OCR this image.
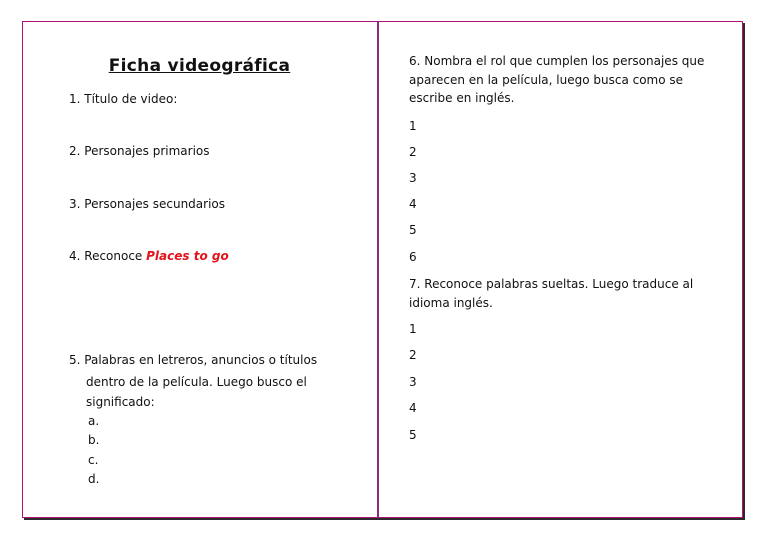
Ficha videográfica
1. Título de video:
2. Personajes primarios
3. Personajes secundarios
4. Reconoce Places to go
5. Palabras en letreros, anuncios o títulos
dentro de la película. Luego busco el
significado:
a.
b.
c.
d.
6. Nombra el rol que cumplen los personajes que aparecen en la película, luego busca como se escribe en inglés.
1
2
3
4
5
6
7. Reconoce palabras sueltas. Luego traduce al idioma inglés.
1
2
3
4
5
